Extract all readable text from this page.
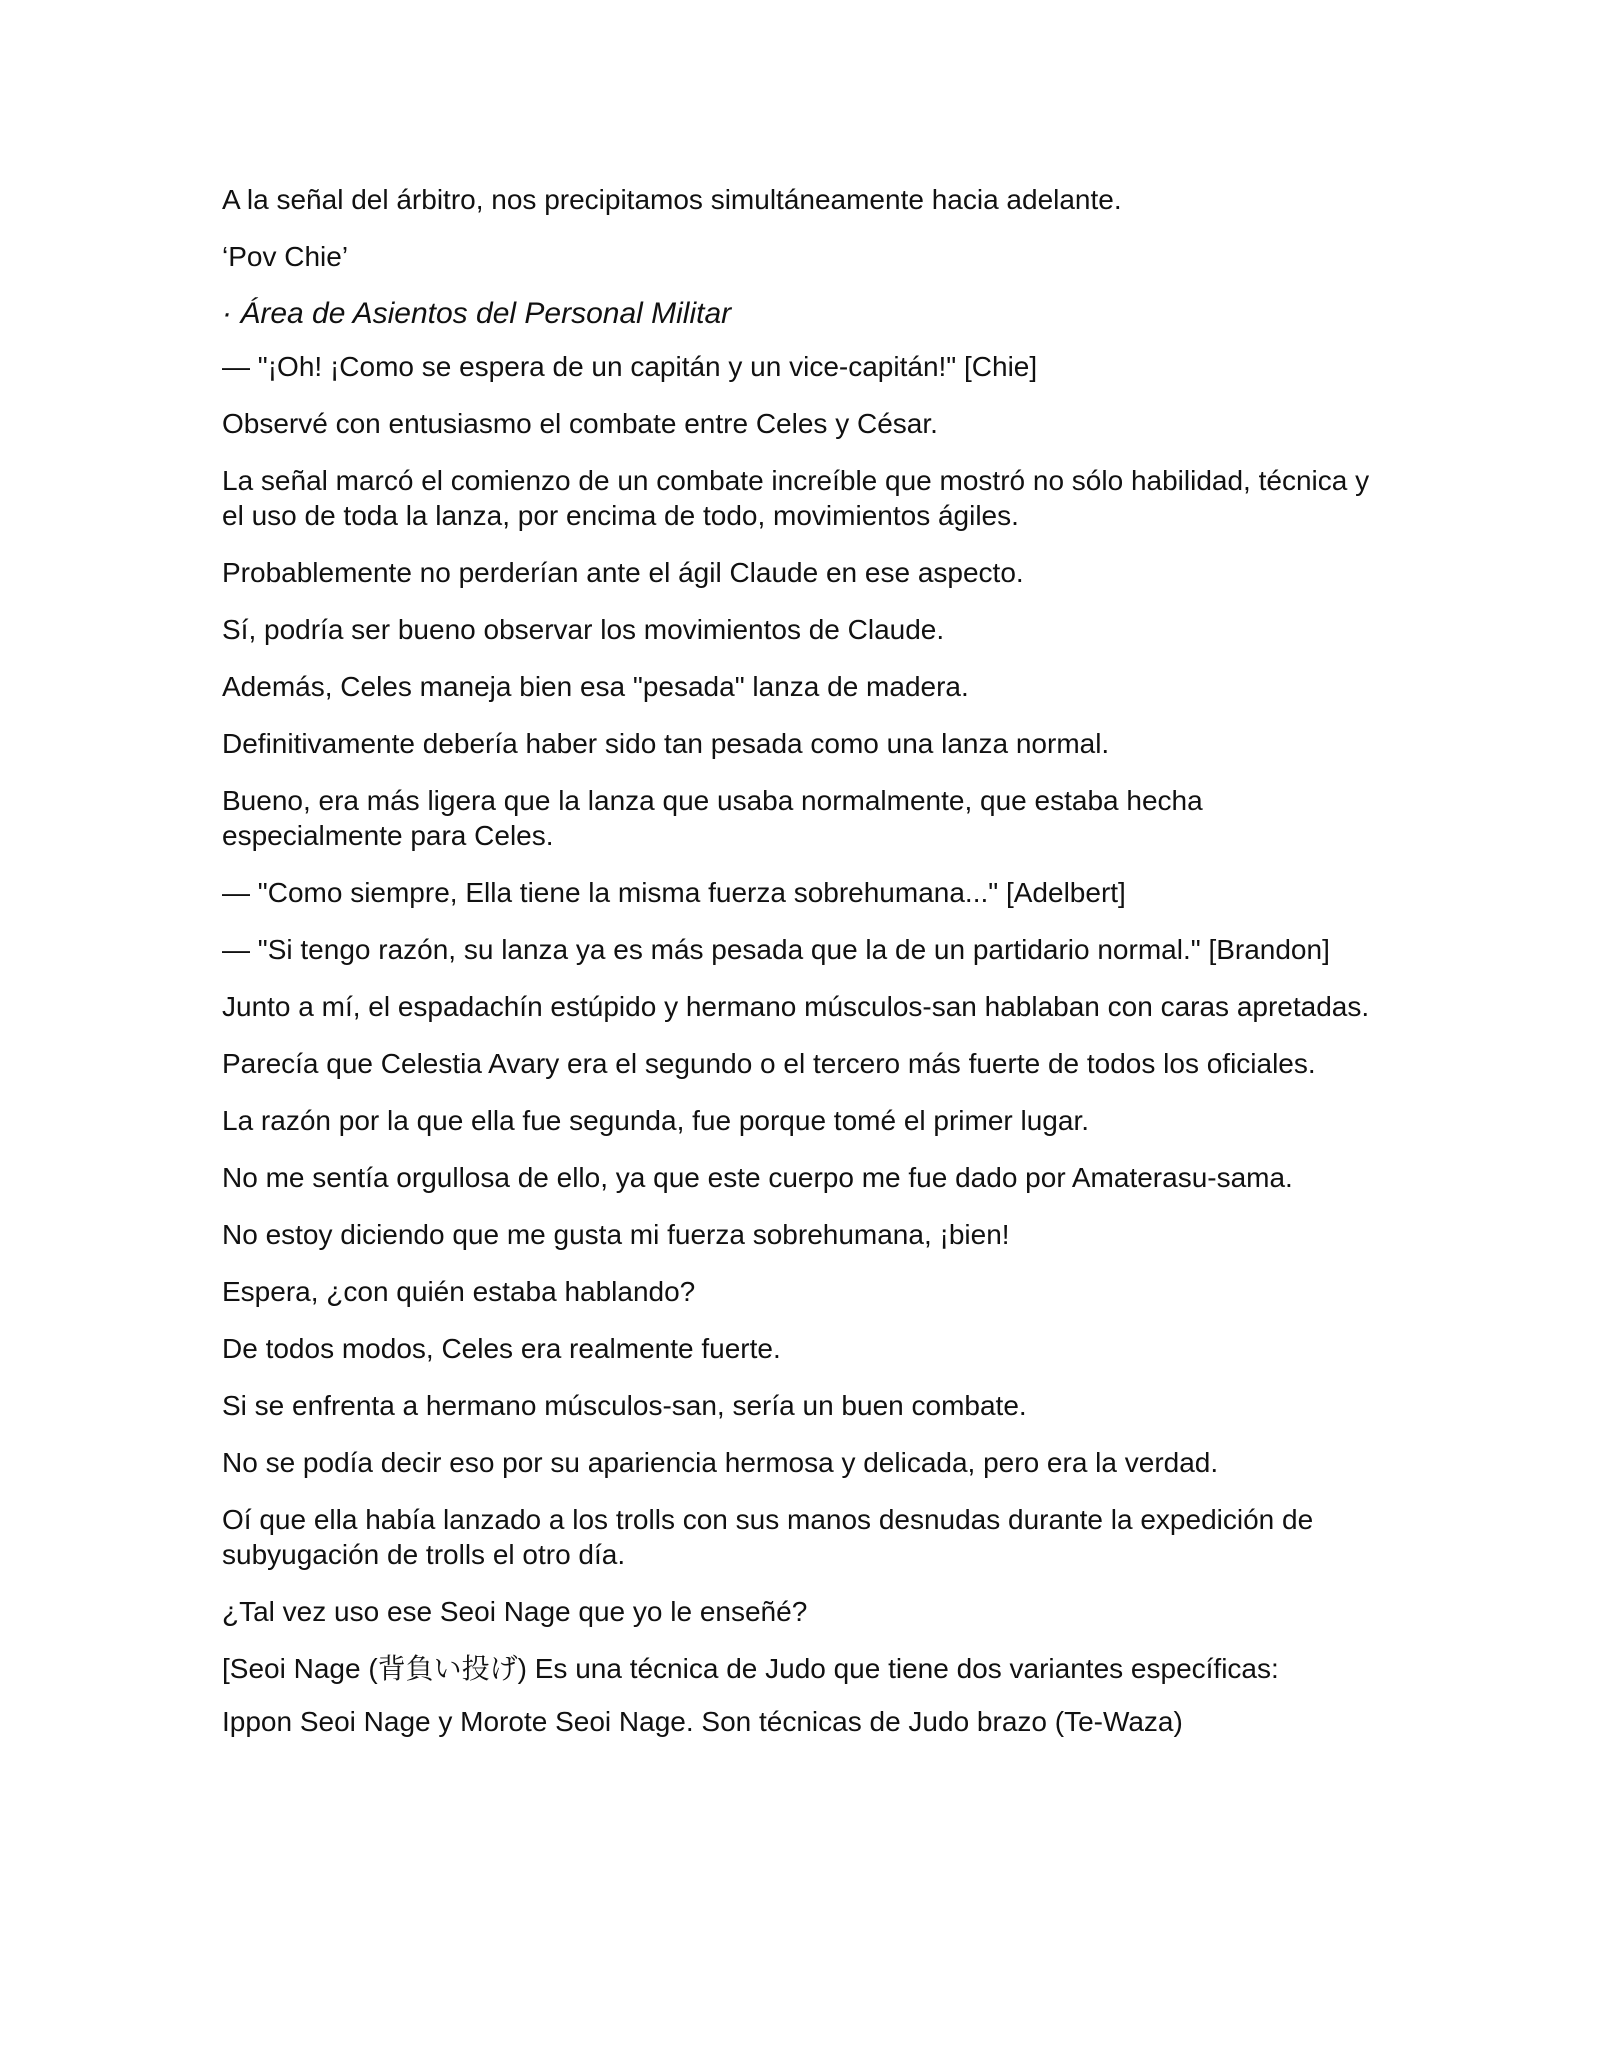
A la señal del árbitro, nos precipitamos simultáneamente hacia adelante.

‘Pov Chie’

· Área de Asientos del Personal Militar

— "¡Oh! ¡Como se espera de un capitán y un vice-capitán!" [Chie]

Observé con entusiasmo el combate entre Celes y César.

La señal marcó el comienzo de un combate increíble que mostró no sólo habilidad, técnica y el uso de toda la lanza, por encima de todo, movimientos ágiles.

Probablemente no perderían ante el ágil Claude en ese aspecto.

Sí, podría ser bueno observar los movimientos de Claude.

Además, Celes maneja bien esa "pesada" lanza de madera.

Definitivamente debería haber sido tan pesada como una lanza normal.

Bueno, era más ligera que la lanza que usaba normalmente, que estaba hecha especialmente para Celes.

— "Como siempre, Ella tiene la misma fuerza sobrehumana..." [Adelbert]

— "Si tengo razón, su lanza ya es más pesada que la de un partidario normal." [Brandon]

Junto a mí, el espadachín estúpido y hermano músculos-san hablaban con caras apretadas.

Parecía que Celestia Avary era el segundo o el tercero más fuerte de todos los oficiales.

La razón por la que ella fue segunda, fue porque tomé el primer lugar.

No me sentía orgullosa de ello, ya que este cuerpo me fue dado por Amaterasu-sama.

No estoy diciendo que me gusta mi fuerza sobrehumana, ¡bien!

Espera, ¿con quién estaba hablando?

De todos modos, Celes era realmente fuerte.

Si se enfrenta a hermano músculos-san, sería un buen combate.

No se podía decir eso por su apariencia hermosa y delicada, pero era la verdad.

Oí que ella había lanzado a los trolls con sus manos desnudas durante la expedición de subyugación de trolls el otro día.

¿Tal vez uso ese Seoi Nage que yo le enseñé?

[Seoi Nage (背負い投げ) Es una técnica de Judo que tiene dos variantes específicas:

Ippon Seoi Nage y Morote Seoi Nage. Son técnicas de Judo brazo (Te-Waza)
